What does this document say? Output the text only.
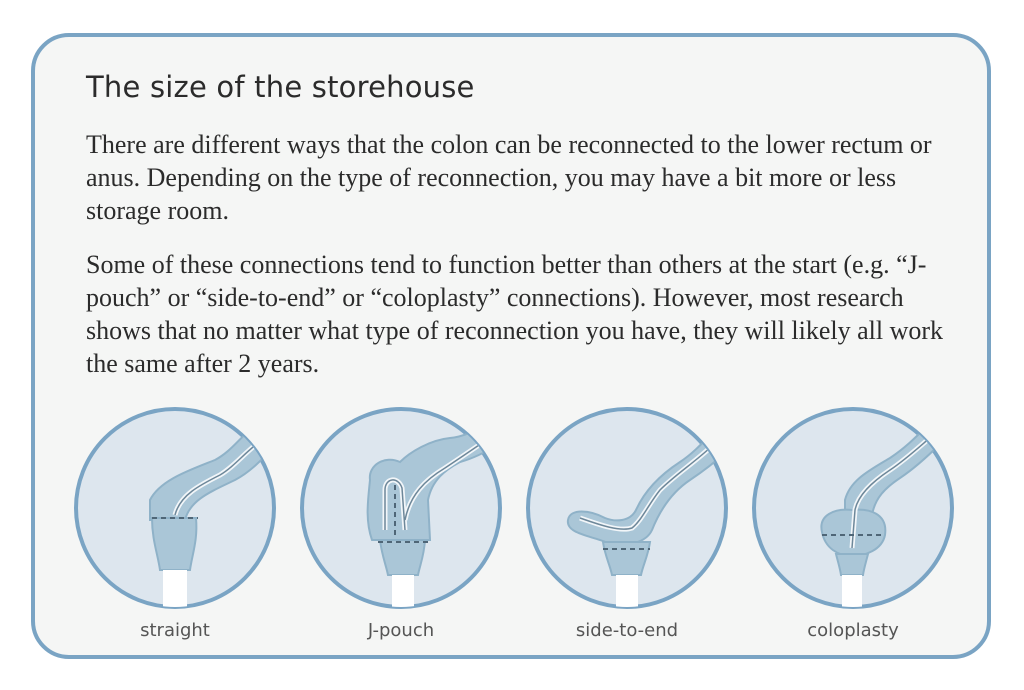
The size of the storehouse

There are different ways that the colon can be reconnected to the lower rectum or anus. Depending on the type of reconnection, you may have a bit more or less storage room.

Some of these connections tend to function better than others at the start (e.g. “J-pouch” or “side-to-end” or “coloplasty” connections). However, most research shows that no matter what type of reconnection you have, they will likely all work the same after 2 years.

straight	J-pouch	side-to-end	coloplasty
